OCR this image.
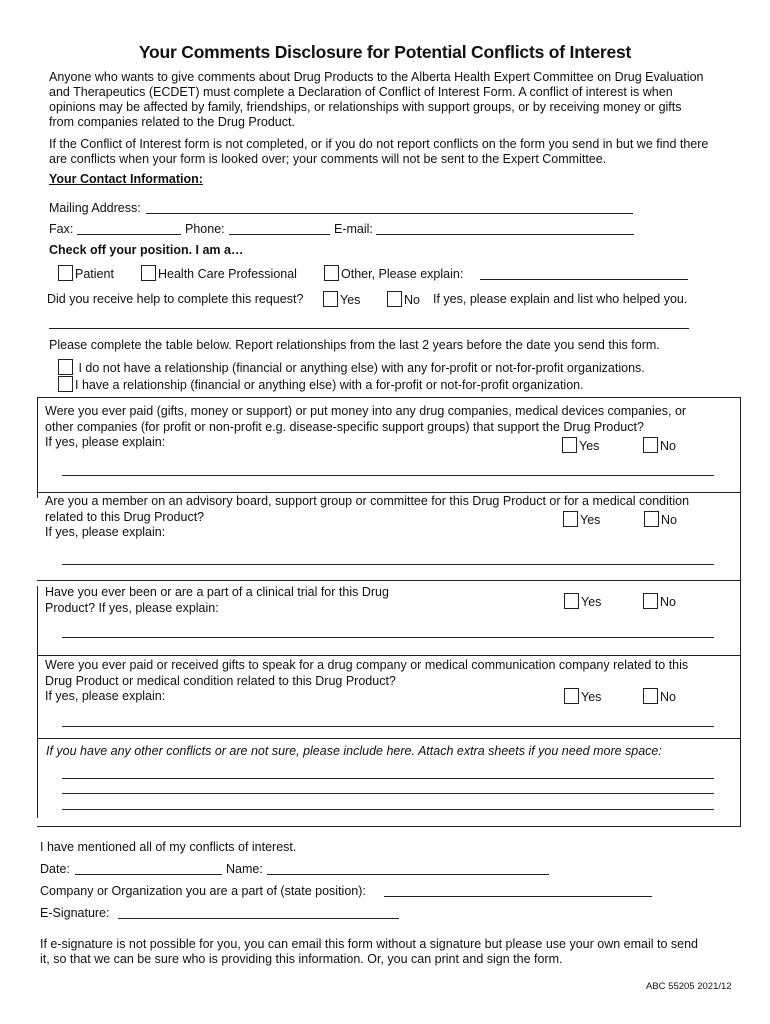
Your Comments Disclosure for Potential Conflicts of Interest
Anyone who wants to give comments about Drug Products to the Alberta Health Expert Committee on Drug Evaluation and Therapeutics (ECDET) must complete a Declaration of Conflict of Interest Form. A conflict of interest is when opinions may be affected by family, friendships, or relationships with support groups, or by receiving money or gifts from companies related to the Drug Product.
If the Conflict of Interest form is not completed, or if you do not report conflicts on the form you send in but we find there are conflicts when your form is looked over; your comments will not be sent to the Expert Committee.
Your Contact Information:
Mailing Address:
Fax:	Phone:	E-mail:
Check off your position. I am a…
Patient	Health Care Professional	Other, Please explain:
Did you receive help to complete this request?	Yes	No If yes, please explain and list who helped you.
Please complete the table below. Report relationships from the last 2 years before the date you send this form.
I do not have a relationship (financial or anything else) with any for-profit or not-for-profit organizations.
I have a relationship (financial or anything else) with a for-profit or not-for-profit organization.
Were you ever paid (gifts, money or support) or put money into any drug companies, medical devices companies, or
other companies (for profit or non-profit e.g. disease-specific support groups) that support the Drug Product?
If yes, please explain:	Yes	No
Are you a member on an advisory board, support group or committee for this Drug Product or for a medical condition
related to this Drug Product?
If yes, please explain:
Yes	No
Have you ever been or are a part of a clinical trial for this Drug
Product? If yes, please explain:	Yes	No
Were you ever paid or received gifts to speak for a drug company or medical communication company related to this
Drug Product or medical condition related to this Drug Product?
If yes, please explain:	Yes	No
If you have any other conflicts or are not sure, please include here. Attach extra sheets if you need more space:
I have mentioned all of my conflicts of interest.
Date:	Name:
Company or Organization you are a part of (state position):
E-Signature:
If e-signature is not possible for you, you can email this form without a signature but please use your own email to send it, so that we can be sure who is providing this information. Or, you can print and sign the form.
ABC 55205 2021/12
